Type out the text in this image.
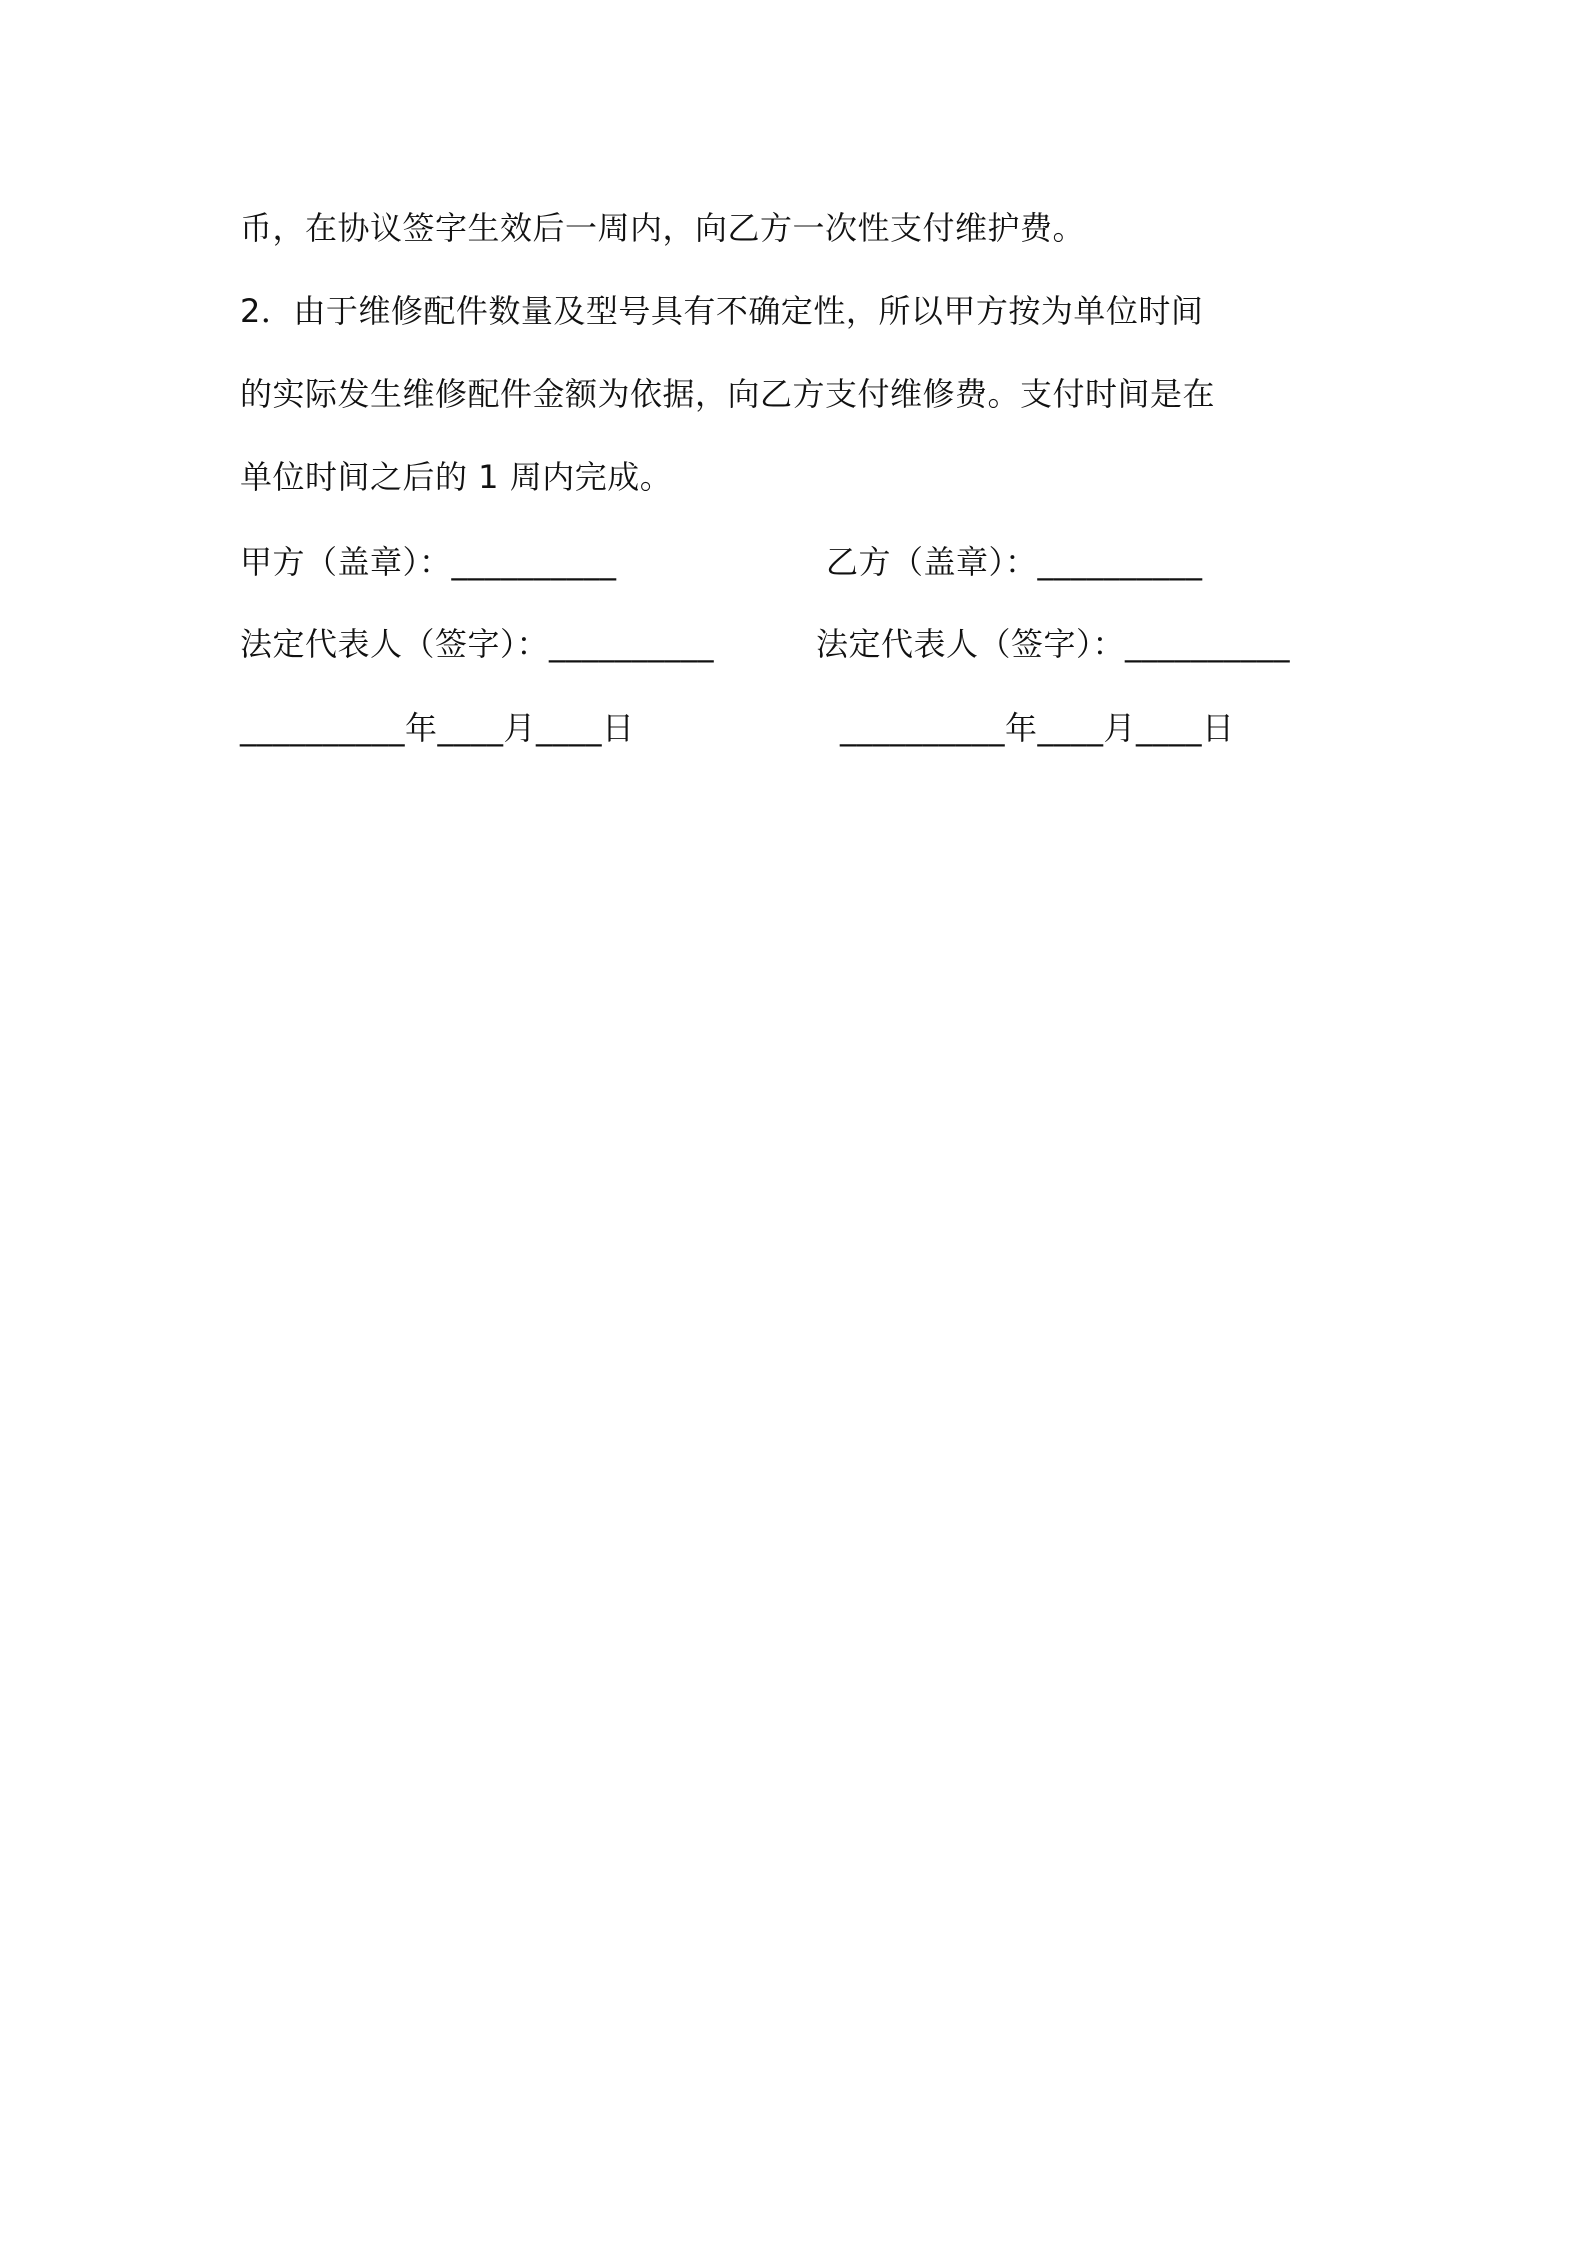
币，在协议签字生效后一周内，向乙方一次性支付维护费。
2．由于维修配件数量及型号具有不确定性，所以甲方按为单位时间
的实际发生维修配件金额为依据，向乙方支付维修费。支付时间是在
单位时间之后的 1 周内完成。
甲方（盖章）：__________	乙方（盖章）：__________
法定代表人（签字）：__________	法定代表人（签字）：__________
__________年____月____日	__________年____月____日
